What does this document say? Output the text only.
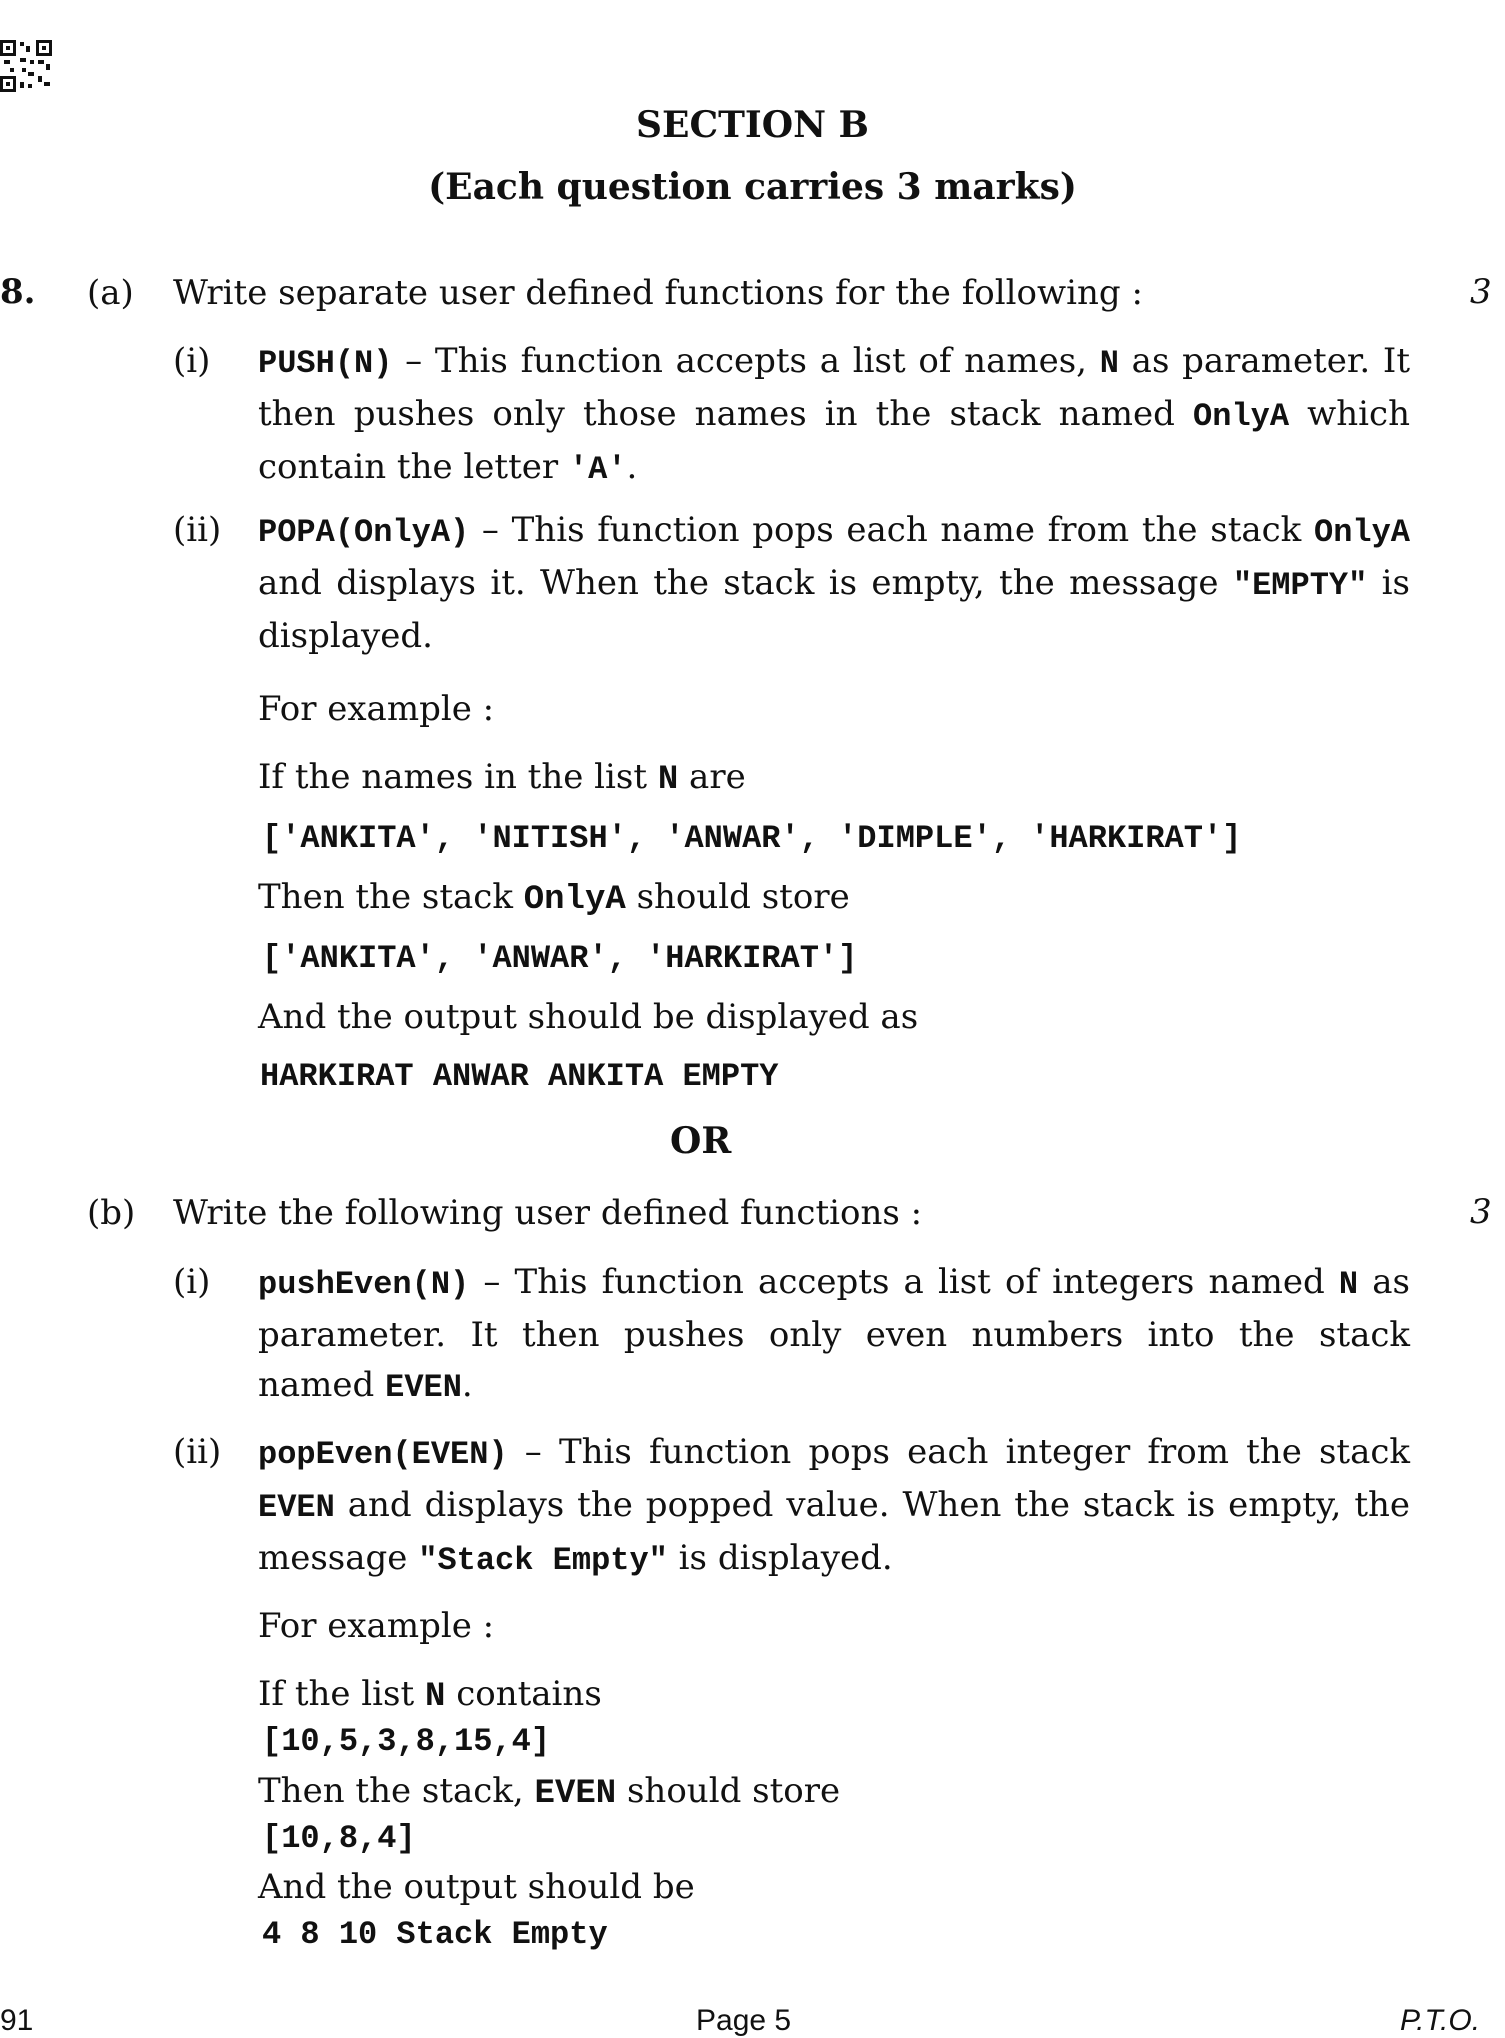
SECTION B
(Each question carries 3 marks)
8. (a) Write separate user defined functions for the following :	3
(i) PUSH(N) – This function accepts a list of names, N as parameter. It then pushes only those names in the stack named OnlyA which contain the letter 'A'.
(ii) POPA(OnlyA) – This function pops each name from the stack OnlyA and displays it. When the stack is empty, the message "EMPTY" is displayed.
For example :
If the names in the list N are
['ANKITA', 'NITISH', 'ANWAR', 'DIMPLE', 'HARKIRAT']
Then the stack OnlyA should store
['ANKITA', 'ANWAR', 'HARKIRAT']
And the output should be displayed as
HARKIRAT ANWAR ANKITA EMPTY
OR
(b) Write the following user defined functions :	3
(i) pushEven(N) – This function accepts a list of integers named N as parameter. It then pushes only even numbers into the stack named EVEN.
(ii) popEven(EVEN) – This function pops each integer from the stack EVEN and displays the popped value. When the stack is empty, the message "Stack Empty" is displayed.
For example :
If the list N contains
[10,5,3,8,15,4]
Then the stack, EVEN should store
[10,8,4]
And the output should be
4 8 10 Stack Empty
91	Page 5	P.T.O.
